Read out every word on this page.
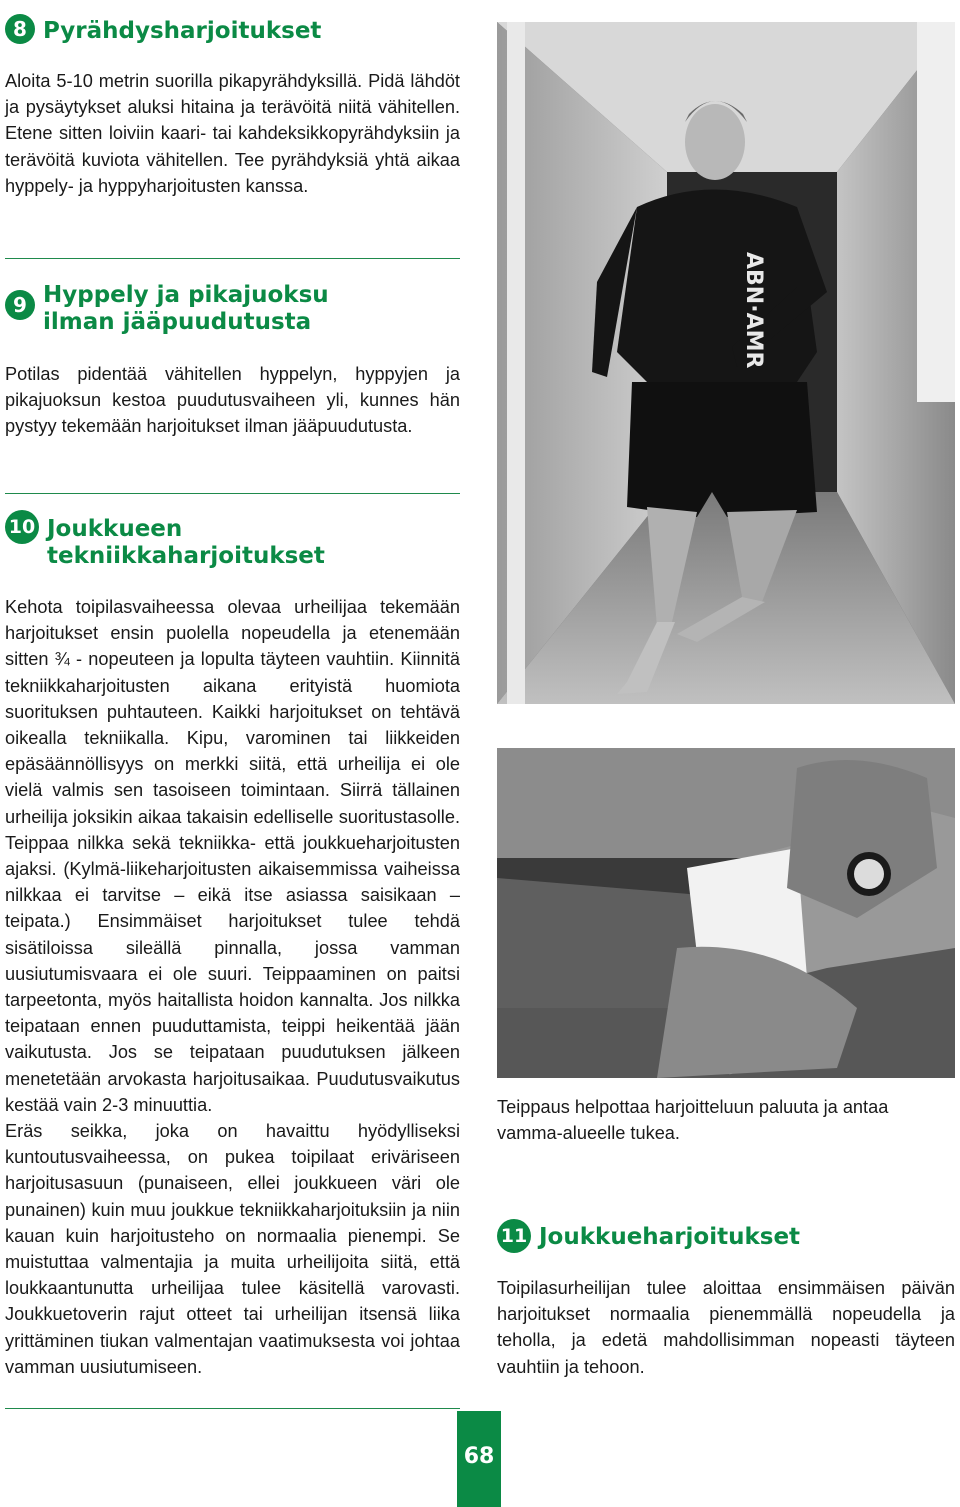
8 Pyrähdysharjoitukset

Aloita 5-10 metrin suorilla pikapyrähdyksillä. Pidä lähdöt ja pysäytykset aluksi hitaina ja terävöitä niitä vähitellen. Etene sitten loiviin kaari- tai kahdeksikkopyrähdyksiin ja terävöitä kuviota vähitellen. Tee pyrähdyksiä yhtä aikaa hyppely- ja hyppyharjoitusten kanssa.

9 Hyppely ja pikajuoksu ilman jääpuudutusta

Potilas pidentää vähitellen hyppelyn, hyppyjen ja pikajuoksun kestoa puudutusvaiheen yli, kunnes hän pystyy tekemään harjoitukset ilman jääpuudutusta.

10 Joukkueen tekniikkaharjoitukset

Kehota toipilasvaiheessa olevaa urheilijaa tekemään harjoitukset ensin puolella nopeudella ja etenemään sitten ¾ - nopeuteen ja lopulta täyteen vauhtiin. Kiinnitä tekniikkaharjoitusten aikana erityistä huomiota suorituksen puhtauteen. Kaikki harjoitukset on tehtävä oikealla tekniikalla. Kipu, varominen tai liikkeiden epäsäännöllisyys on merkki siitä, että urheilija ei ole vielä valmis sen tasoiseen toimintaan. Siirrä tällainen urheilija joksikin aikaa takaisin edelliselle suoritustasolle. Teippaa nilkka sekä tekniikka- että joukkueharjoitusten ajaksi. (Kylmä-liikeharjoitusten aikaisemmissa vaiheissa nilkkaa ei tarvitse – eikä itse asiassa saisikaan – teipata.) Ensimmäiset harjoitukset tulee tehdä sisätiloissa sileällä pinnalla, jossa vamman uusiutumisvaara ei ole suuri. Teippaaminen on paitsi tarpeetonta, myös haitallista hoidon kannalta. Jos nilkka teipataan ennen puuduttamista, teippi heikentää jään vaikutusta. Jos se teipataan puudutuksen jälkeen menetetään arvokasta harjoitusaikaa. Puudutusvaikutus kestää vain 2-3 minuuttia.

Eräs seikka, joka on havaittu hyödylliseksi kuntoutusvaiheessa, on pukea toipilaat eriväriseen harjoitusasuun (punaiseen, ellei joukkueen väri ole punainen) kuin muu joukkue tekniikkaharjoituksiin ja niin kauan kuin harjoitusteho on normaalia pienempi. Se muistuttaa valmentajia ja muita urheilijoita siitä, että loukkaantunutta urheilijaa tulee käsitellä varovasti. Joukkuetoverin rajut otteet tai urheilijan itsensä liika yrittäminen tiukan valmentajan vaatimuksesta voi johtaa vamman uusiutumiseen.

ABN·AMR
Teippaus helpottaa harjoitteluun paluuta ja antaa vamma-alueelle tukea.
11 Joukkueharjoitukset

Toipilasurheilijan tulee aloittaa ensimmäisen päivän harjoitukset normaalia pienemmällä nopeudella ja teholla, ja edetä mahdollisimman nopeasti täyteen vauhtiin ja tehoon.

68
